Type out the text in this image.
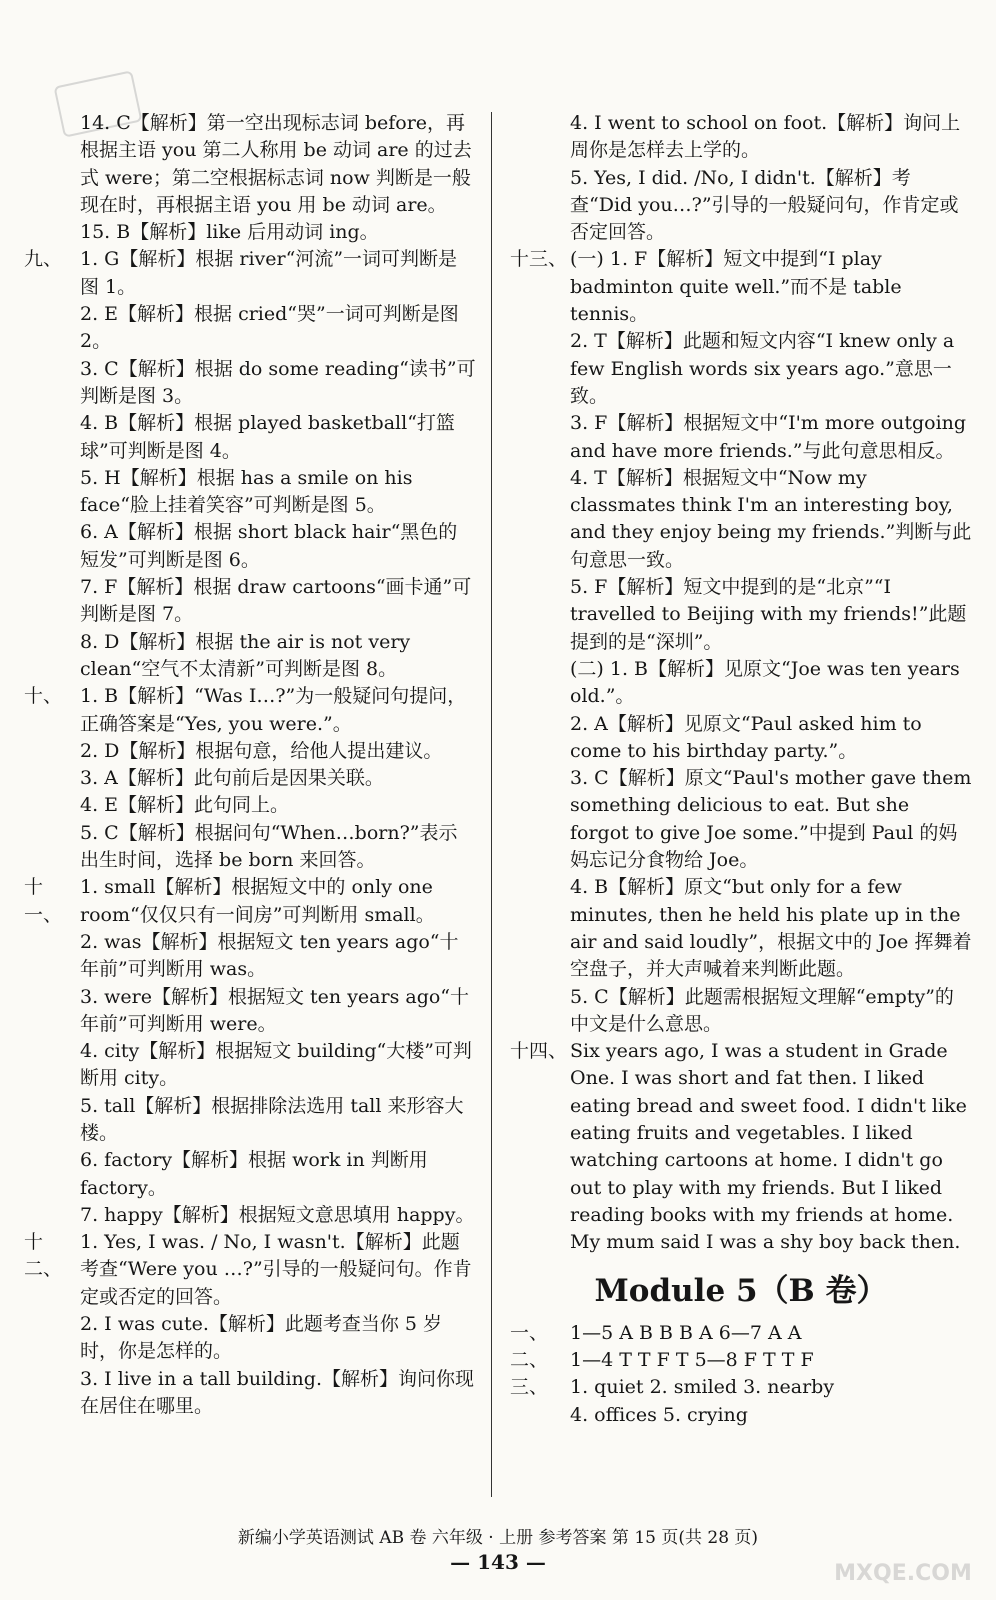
14. C【解析】第一空出现标志词 before，再根据主语 you 第二人称用 be 动词 are 的过去式 were；第二空根据标志词 now 判断是一般现在时，再根据主语 you 用 be 动词 are。

15. B【解析】like 后用动词 ing。

九、 1. G【解析】根据 river“河流”一词可判断是图 1。

2. E【解析】根据 cried“哭”一词可判断是图 2。

3. C【解析】根据 do some reading“读书”可判断是图 3。

4. B【解析】根据 played basketball“打篮球”可判断是图 4。

5. H【解析】根据 has a smile on his face“脸上挂着笑容”可判断是图 5。

6. A【解析】根据 short black hair“黑色的短发”可判断是图 6。

7. F【解析】根据 draw cartoons“画卡通”可判断是图 7。

8. D【解析】根据 the air is not very clean“空气不太清新”可判断是图 8。

十、 1. B【解析】“Was I…?”为一般疑问句提问，正确答案是“Yes, you were.”。

2. D【解析】根据句意，给他人提出建议。

3. A【解析】此句前后是因果关联。

4. E【解析】此句同上。

5. C【解析】根据问句“When…born?”表示出生时间，选择 be born 来回答。

十一、
1. small【解析】根据短文中的 only one room“仅仅只有一间房”可判断用 small。

2. was【解析】根据短文 ten years ago“十年前”可判断用 was。

3. were【解析】根据短文 ten years ago“十年前”可判断用 were。

4. city【解析】根据短文 building“大楼”可判断用 city。

5. tall【解析】根据排除法选用 tall 来形容大楼。

6. factory【解析】根据 work in 判断用 factory。

7. happy【解析】根据短文意思填用 happy。

十二、
1. Yes, I was. / No, I wasn't.【解析】此题考查“Were you …?”引导的一般疑问句。作肯定或否定的回答。

2. I was cute.【解析】此题考查当你 5 岁时，你是怎样的。

3. I live in a tall building.【解析】询问你现在居住在哪里。

4. I went to school on foot.【解析】询问上周你是怎样去上学的。

5. Yes, I did. /No, I didn't.【解析】考查“Did you…?”引导的一般疑问句，作肯定或否定回答。

十三、 (一) 1. F【解析】短文中提到“I play badminton quite well.”而不是 table tennis。

2. T【解析】此题和短文内容“I knew only a few English words six years ago.”意思一致。

3. F【解析】根据短文中“I'm more outgoing and have more friends.”与此句意思相反。

4. T【解析】根据短文中“Now my classmates think I'm an interesting boy, and they enjoy being my friends.”判断与此句意思一致。

5. F【解析】短文中提到的是“北京”“I travelled to Beijing with my friends!”此题提到的是“深圳”。

(二) 1. B【解析】见原文“Joe was ten years old.”。

2. A【解析】见原文“Paul asked him to come to his birthday party.”。

3. C【解析】原文“Paul's mother gave them something delicious to eat. But she forgot to give Joe some.”中提到 Paul 的妈妈忘记分食物给 Joe。

4. B【解析】原文“but only for a few minutes, then he held his plate up in the air and said loudly”，根据文中的 Joe 挥舞着空盘子，并大声喊着来判断此题。

5. C【解析】此题需根据短文理解“empty”的中文是什么意思。

十四、 Six years ago, I was a student in Grade One. I was short and fat then. I liked eating bread and sweet food. I didn't like eating fruits and vegetables. I liked watching cartoons at home. I didn't go out to play with my friends. But I liked reading books with my friends at home. My mum said I was a shy boy back then.

Module 5（B 卷）

一、	1—5 A B B B A 6—7 A A

二、	1—4 T T F T 5—8 F T T F

三、	1. quiet 2. smiled 3. nearby

4. offices 5. crying

新编小学英语测试 AB 卷 六年级 · 上册 参考答案 第 15 页(共 28 页)
— 143 —	MXQE.COM
